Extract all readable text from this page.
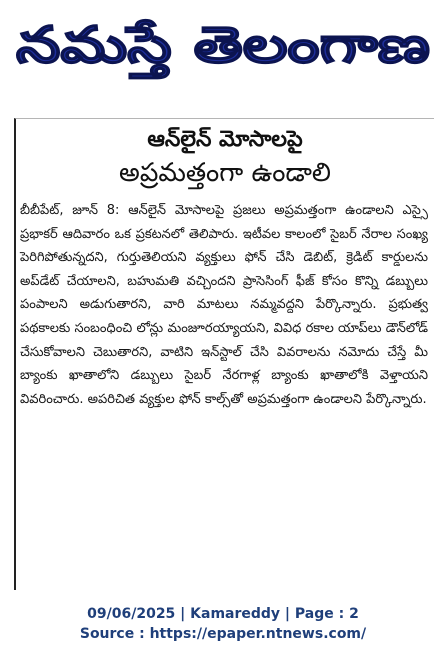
నమస్తే తెలంగాణ
ఆన్‌లైన్‌ మోసాలపై
అప్రమత్తంగా ఉండాలి
బీబీపేట్‌, జూన్‌ 8: ఆన్‌లైన్‌ మోసాలపై ప్రజలు అప్రమత్తంగా ఉండాలని ఎస్సై ప్రభాకర్‌ ఆదివారం ఒక ప్రకటనలో తెలిపారు. ఇటీవల కాలంలో సైబర్‌ నేరాల సంఖ్య పెరిగిపోతున్నదని, గుర్తుతెలియని వ్యక్తులు ఫోన్‌ చేసి డెబిట్‌, క్రెడిట్‌ కార్డులను అప్‌డేట్‌ చేయాలని, బహుమతి వచ్చిందని ప్రాసెసింగ్‌ ఫీజ్‌ కోసం కొన్ని డబ్బులు పంపాలని అడుగుతారని, వారి మాటలు నమ్మవద్దని పేర్కొన్నారు. ప్రభుత్వ పథకాలకు సంబంధించి లోన్లు మంజూరయ్యాయని, వివిధ రకాల యాప్‌లు డౌన్‌లోడ్‌ చేసుకోవాలని చెబుతారని, వాటిని ఇన్‌స్టాల్‌ చేసి వివరాలను నమోదు చేస్తే మీ బ్యాంకు ఖాతాలోని డబ్బులు సైబర్‌ నేరగాళ్ల బ్యాంకు ఖాతాలోకి వెళ్తాయని వివరించారు. అపరిచిత వ్యక్తుల ఫోన్‌ కాల్స్‌తో అప్రమత్తంగా ఉండాలని పేర్కొన్నారు.
09/06/2025 | Kamareddy | Page : 2
Source : https://epaper.ntnews.com/
